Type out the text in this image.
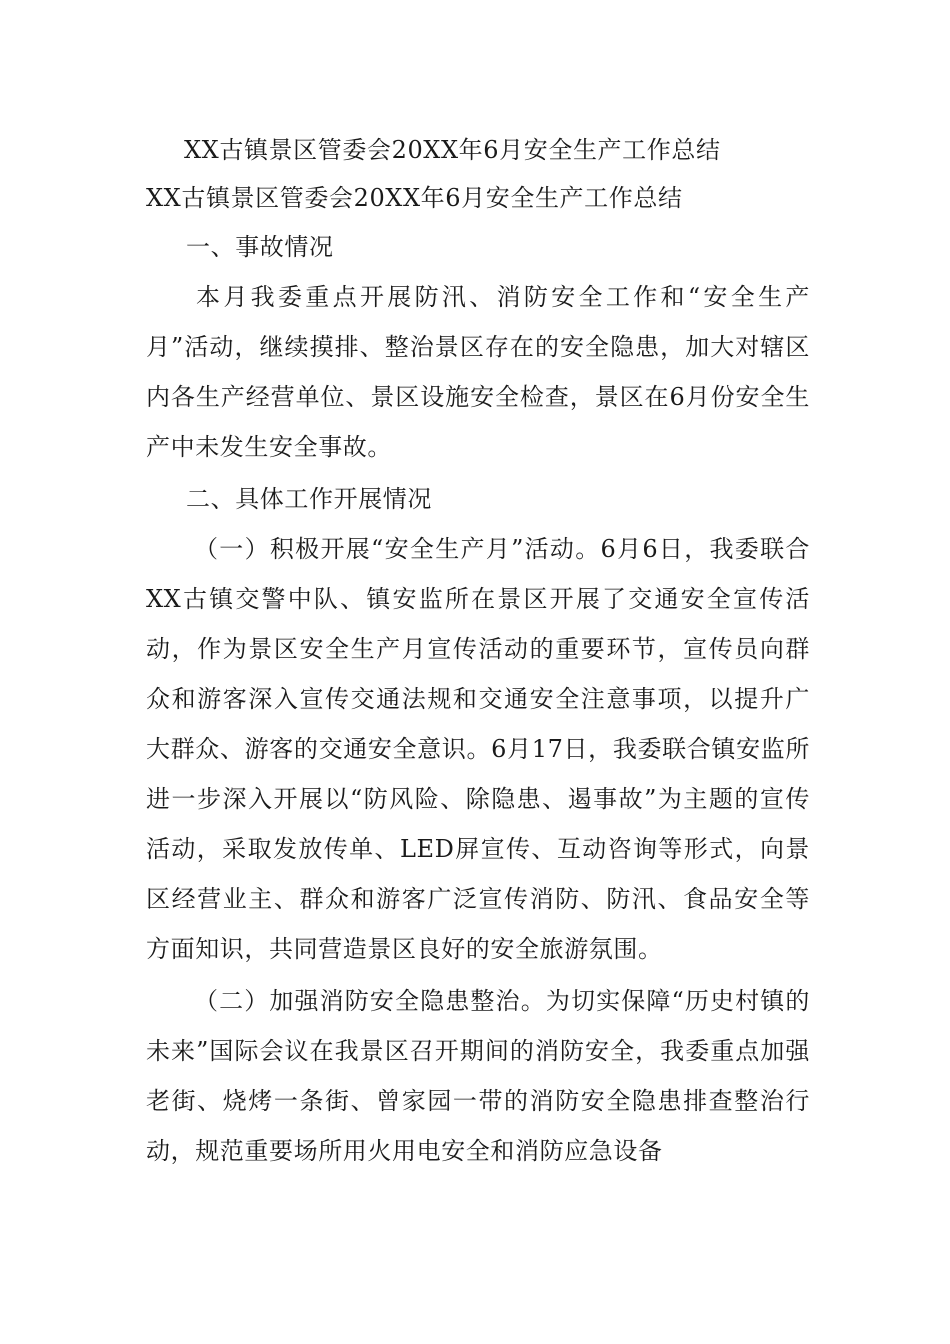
XX古镇景区管委会20XX年6月安全生产工作总结
XX古镇景区管委会20XX年6月安全生产工作总结
一、事故情况

本月我委重点开展防汛、消防安全工作和“安全生产月”活动，继续摸排、整治景区存在的安全隐患，加大对辖区内各生产经营单位、景区设施安全检查，景区在6月份安全生产中未发生安全事故。

二、具体工作开展情况

（一）积极开展“安全生产月”活动。6月6日，我委联合XX古镇交警中队、镇安监所在景区开展了交通安全宣传活动，作为景区安全生产月宣传活动的重要环节，宣传员向群众和游客深入宣传交通法规和交通安全注意事项，以提升广大群众、游客的交通安全意识。6月17日，我委联合镇安监所进一步深入开展以“防风险、除隐患、遏事故”为主题的宣传活动，采取发放传单、LED屏宣传、互动咨询等形式，向景区经营业主、群众和游客广泛宣传消防、防汛、食品安全等方面知识，共同营造景区良好的安全旅游氛围。

（二）加强消防安全隐患整治。为切实保障“历史村镇的未来”国际会议在我景区召开期间的消防安全，我委重点加强老街、烧烤一条街、曾家园一带的消防安全隐患排查整治行动，规范重要场所用火用电安全和消防应急设备
